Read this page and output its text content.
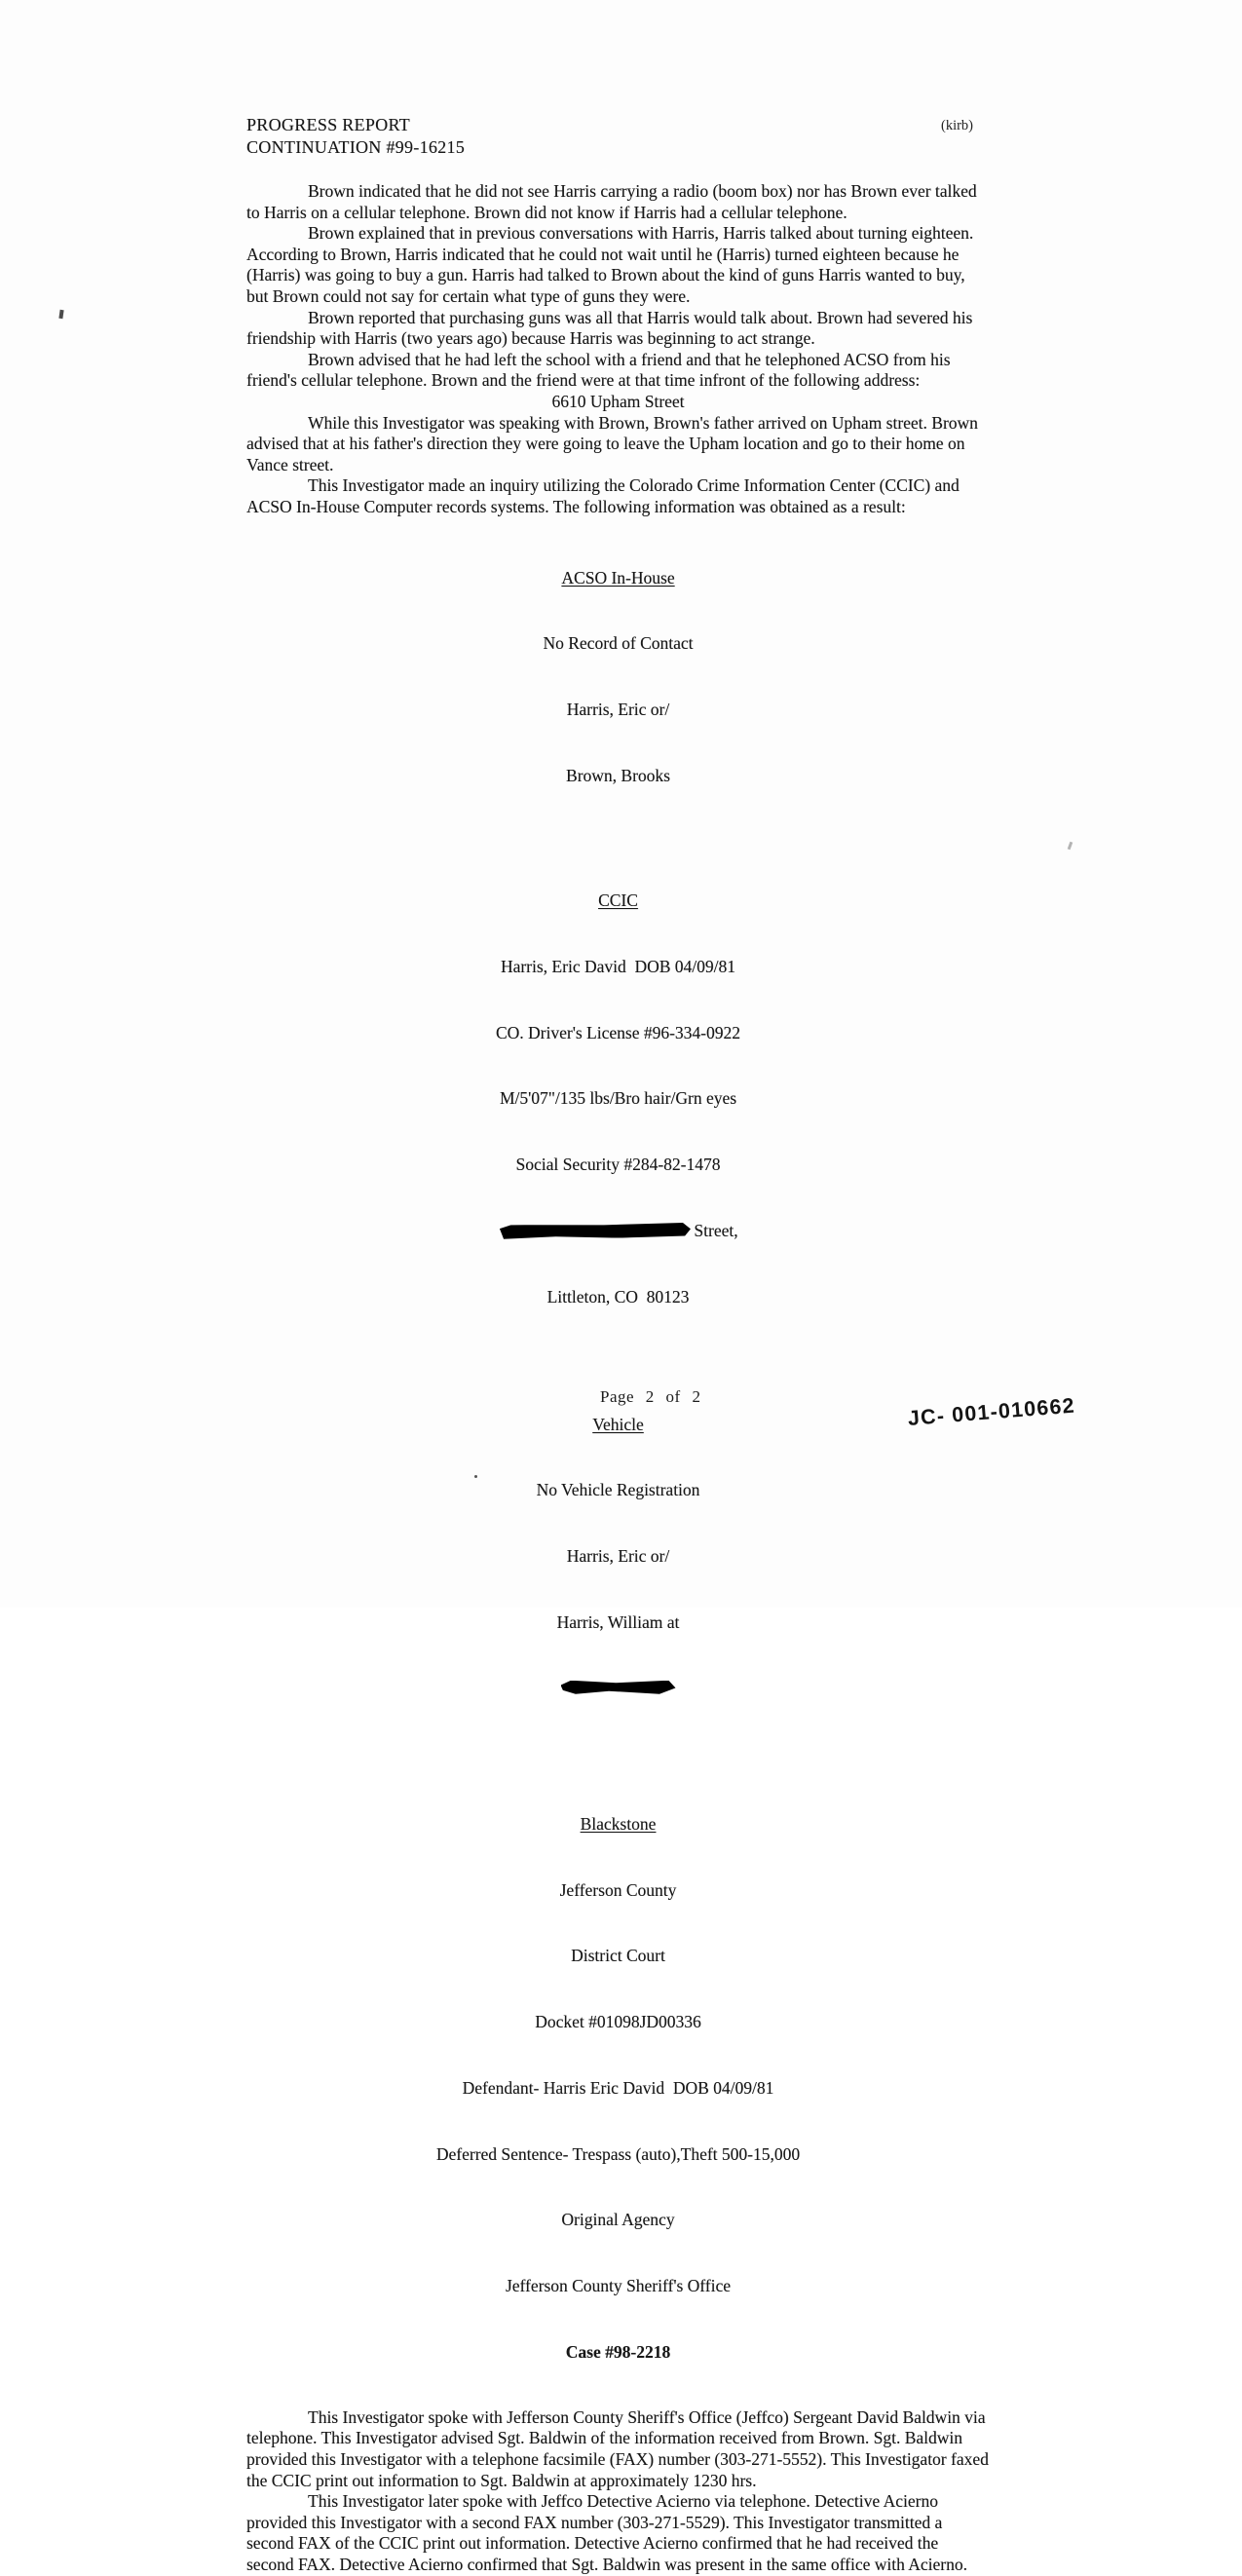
(kirb)
PROGRESS REPORT
CONTINUATION #99-16215

Brown indicated that he did not see Harris carrying a radio (boom box) nor has Brown ever talked to Harris on a cellular telephone. Brown did not know if Harris had a cellular telephone.

Brown explained that in previous conversations with Harris, Harris talked about turning eighteen. According to Brown, Harris indicated that he could not wait until he (Harris) turned eighteen because he (Harris) was going to buy a gun. Harris had talked to Brown about the kind of guns Harris wanted to buy, but Brown could not say for certain what type of guns they were.

Brown reported that purchasing guns was all that Harris would talk about. Brown had severed his friendship with Harris (two years ago) because Harris was beginning to act strange.

Brown advised that he had left the school with a friend and that he telephoned ACSO from his friend's cellular telephone. Brown and the friend were at that time infront of the following address:

6610 Upham Street

While this Investigator was speaking with Brown, Brown's father arrived on Upham street. Brown advised that at his father's direction they were going to leave the Upham location and go to their home on Vance street.

This Investigator made an inquiry utilizing the Colorado Crime Information Center (CCIC) and ACSO In-House Computer records systems. The following information was obtained as a result:

ACSO In-House

No Record of Contact

Harris, Eric or/

Brown, Brooks

CCIC

Harris, Eric David  DOB 04/09/81

CO. Driver's License #96-334-0922

M/5'07"/135 lbs/Bro hair/Grn eyes

Social Security #284-82-1478

Street,

Littleton, CO  80123

Vehicle

No Vehicle Registration

Harris, Eric or/

Harris, William at

Blackstone

Jefferson County

District Court

Docket #01098JD00336

Defendant- Harris Eric David  DOB 04/09/81

Deferred Sentence- Trespass (auto),Theft 500-15,000

Original Agency

Jefferson County Sheriff's Office

Case #98-2218

This Investigator spoke with Jefferson County Sheriff's Office (Jeffco) Sergeant David Baldwin via telephone. This Investigator advised Sgt. Baldwin of the information received from Brown. Sgt. Baldwin provided this Investigator with a telephone facsimile (FAX) number (303-271-5552). This Investigator faxed the CCIC print out information to Sgt. Baldwin at approximately 1230 hrs.

This Investigator later spoke with Jeffco Detective Acierno via telephone. Detective Acierno provided this Investigator with a second FAX number (303-271-5529). This Investigator transmitted a second FAX of the CCIC print out information. Detective Acierno confirmed that he had received the second FAX. Detective Acierno confirmed that Sgt. Baldwin was present in the same office with Acierno.

Page 2 of 2	JC- 001-010662
